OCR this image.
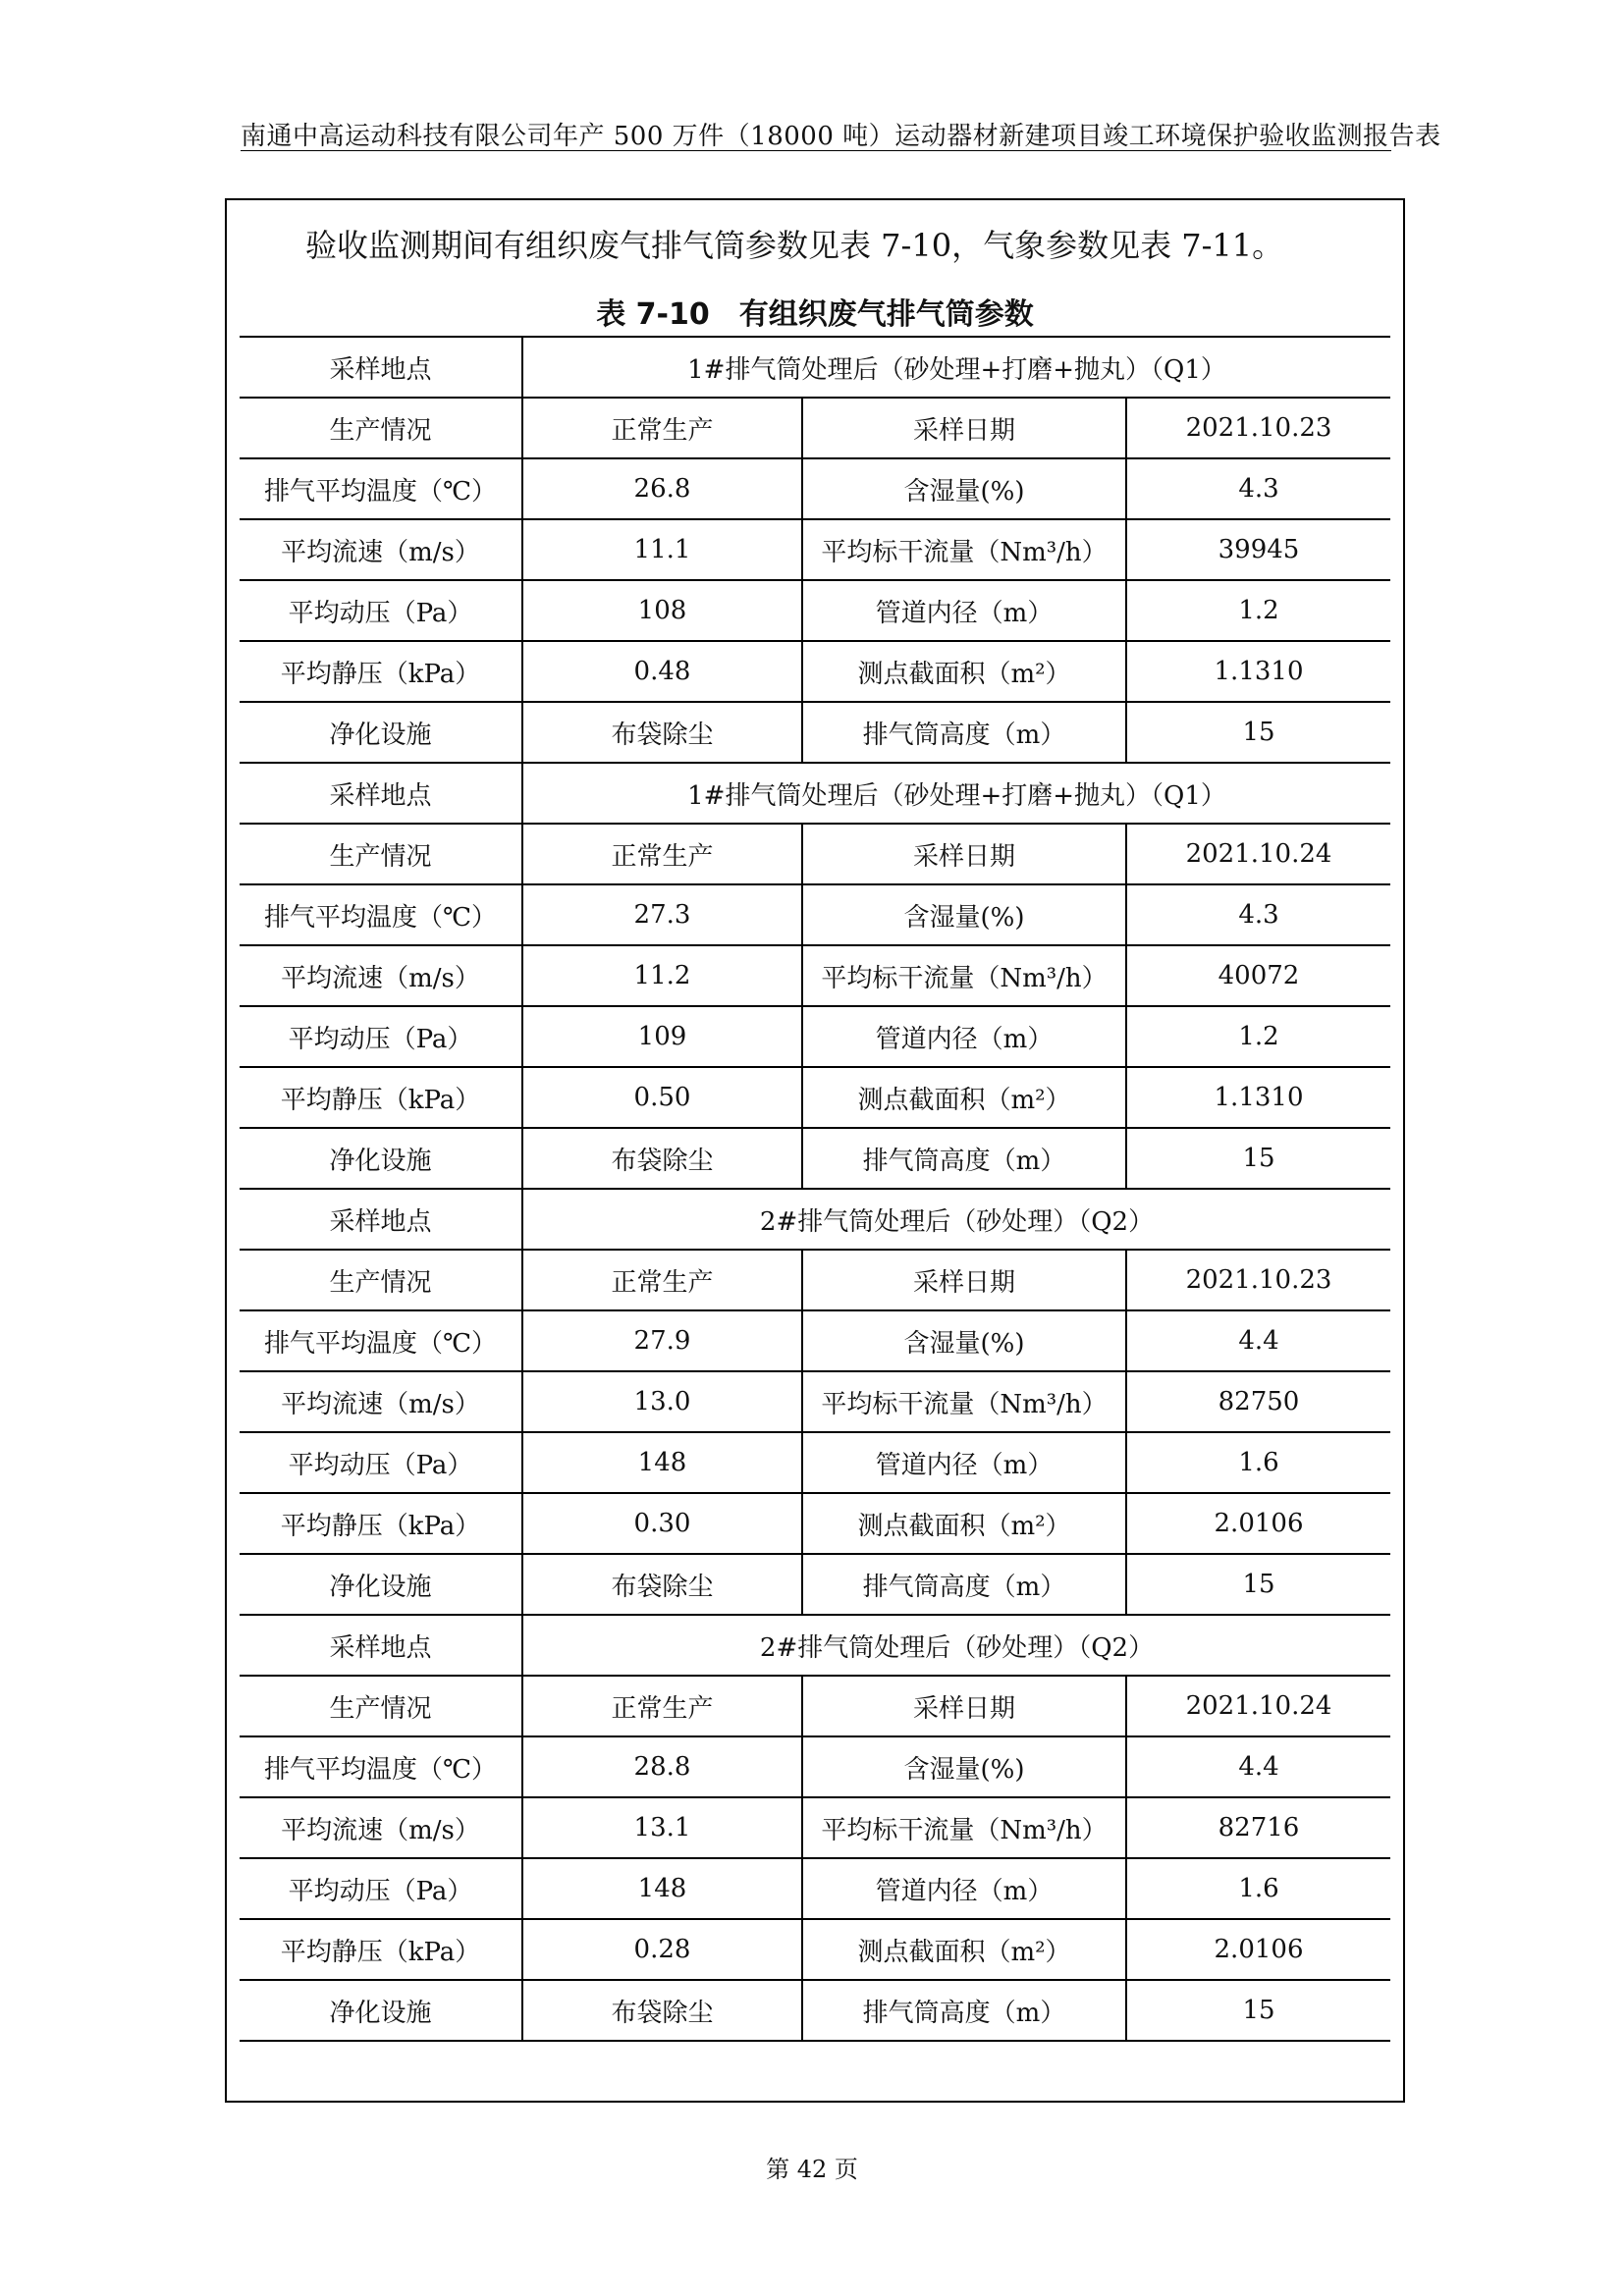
南通中高运动科技有限公司年产 500 万件（18000 吨）运动器材新建项目竣工环境保护验收监测报告表
验收监测期间有组织废气排气筒参数见表 7-10，气象参数见表 7-11。
表 7-10　有组织废气排气筒参数
采样地点	1#排气筒处理后（砂处理+打磨+抛丸）（Q1）		
生产情况	正常生产	采样日期	2021.10.23
排气平均温度（℃）	26.8	含湿量(%)	4.3
平均流速（m/s）	11.1	平均标干流量（Nm³/h）	39945
平均动压（Pa）	108	管道内径（m）	1.2
平均静压（kPa）	0.48	测点截面积（m²）	1.1310
净化设施	布袋除尘	排气筒高度（m）	15
采样地点	1#排气筒处理后（砂处理+打磨+抛丸）（Q1）		
生产情况	正常生产	采样日期	2021.10.24
排气平均温度（℃）	27.3	含湿量(%)	4.3
平均流速（m/s）	11.2	平均标干流量（Nm³/h）	40072
平均动压（Pa）	109	管道内径（m）	1.2
平均静压（kPa）	0.50	测点截面积（m²）	1.1310
净化设施	布袋除尘	排气筒高度（m）	15
采样地点	2#排气筒处理后（砂处理）（Q2）		
生产情况	正常生产	采样日期	2021.10.23
排气平均温度（℃）	27.9	含湿量(%)	4.4
平均流速（m/s）	13.0	平均标干流量（Nm³/h）	82750
平均动压（Pa）	148	管道内径（m）	1.6
平均静压（kPa）	0.30	测点截面积（m²）	2.0106
净化设施	布袋除尘	排气筒高度（m）	15
采样地点	2#排气筒处理后（砂处理）（Q2）		
生产情况	正常生产	采样日期	2021.10.24
排气平均温度（℃）	28.8	含湿量(%)	4.4
平均流速（m/s）	13.1	平均标干流量（Nm³/h）	82716
平均动压（Pa）	148	管道内径（m）	1.6
平均静压（kPa）	0.28	测点截面积（m²）	2.0106
净化设施	布袋除尘	排气筒高度（m）	15
第 42 页
